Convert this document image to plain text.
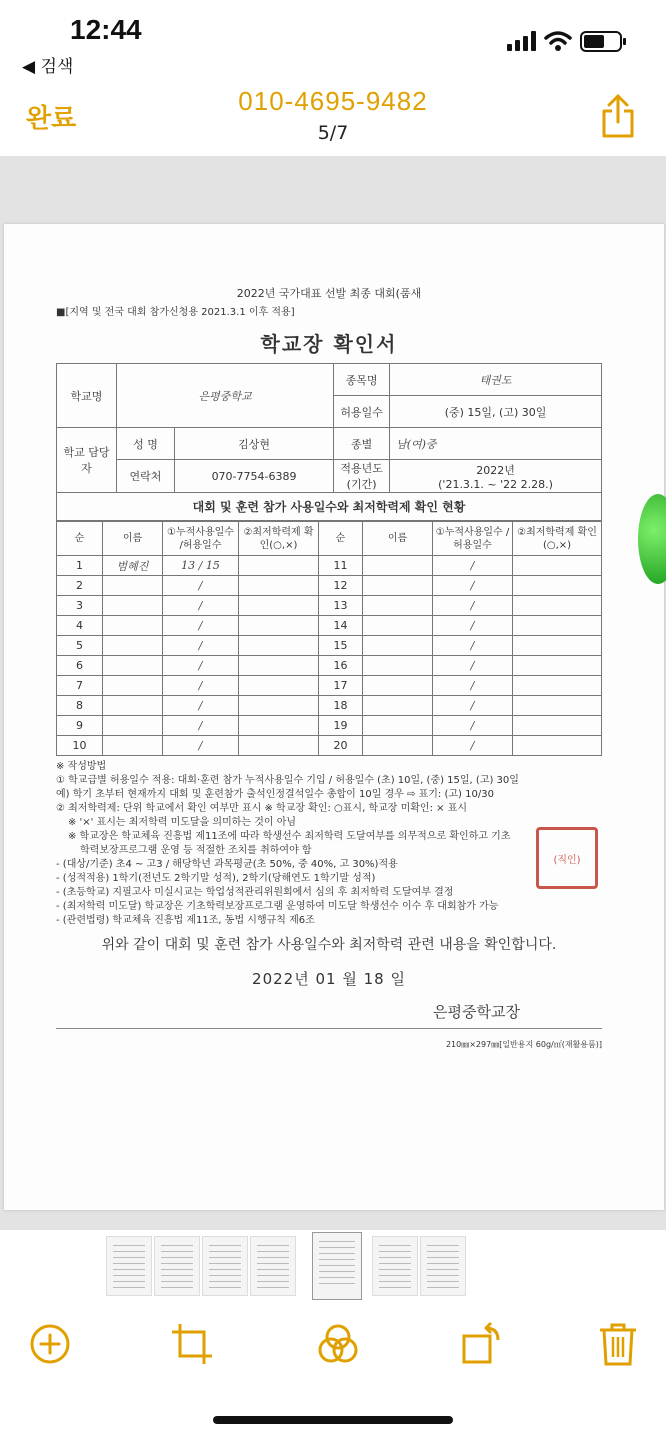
12:44
◀ 검색
완료
010-4695-9482
5/7
2022년 국가대표 선발 최종 대회(품새
■[지역 및 전국 대회 참가신청용 2021.3.1 이후 적용]
학교장 확인서
학교명	은평중학교		종목명	태권도
			허용일수	(중) 15일, (고) 30일
학교 담당자	성 명	김상현	종별	남(여)중
	연락처	070-7754-6389	적용년도 (기간)	2022년
('21.3.1. ~ '22 2.28.)
대회 및 훈련 참가 사용일수와 최저학력제 확인 현황
순	이름	①누적사용일수 /허용일수	②최저학력제 확인(○,×)	순	이름	①누적사용일수 /허용일수	②최저학력제 확인(○,×)
1	범혜진	13 / 15		11		/	
2		/		12		/	
3		/		13		/	
4		/		14		/	
5		/		15		/	
6		/		16		/	
7		/		17		/	
8		/		18		/	
9		/		19		/	
10		/		20		/	
※ 작성방법
① 학교급별 허용일수 적용: 대회·훈련 참가 누적사용일수 기입 / 허용일수 (초) 10일, (중) 15일, (고) 30일
예) 학기 초부터 현재까지 대회 및 훈련참가 출석인정결석일수 총합이 10일 경우 ⇨ 표기: (고) 10/30
② 최저학력제: 단위 학교에서 확인 여부만 표시 ※ 학교장 확인: ○표시, 학교장 미확인: × 표시
※ '×' 표시는 최저학력 미도달을 의미하는 것이 아님
※ 학교장은 학교체육 진흥법 제11조에 따라 학생선수 최저학력 도달여부를 의무적으로 확인하고 기초
학력보장프로그램 운영 등 적절한 조치를 취하여야 함
- (대상/기준) 초4 ~ 고3 / 해당학년 과목평균(초 50%, 중 40%, 고 30%)적용
- (성적적용) 1학기(전년도 2학기말 성적), 2학기(당해연도 1학기말 성적)
- (초등학교) 지필고사 미실시교는 학업성적관리위원회에서 심의 후 최저학력 도달여부 결정
- (최저학력 미도달) 학교장은 기초학력보장프로그램 운영하여 미도달 학생선수 이수 후 대회참가 가능
- (관련법령) 학교체육 진흥법 제11조, 동법 시행규칙 제6조
위와 같이 대회 및 훈련 참가 사용일수와 최저학력 관련 내용을 확인합니다.
2022년 01 월 18 일
은평중학교장
210㎜×297㎜[일반용지 60g/㎡(재활용품)]
(직인)
